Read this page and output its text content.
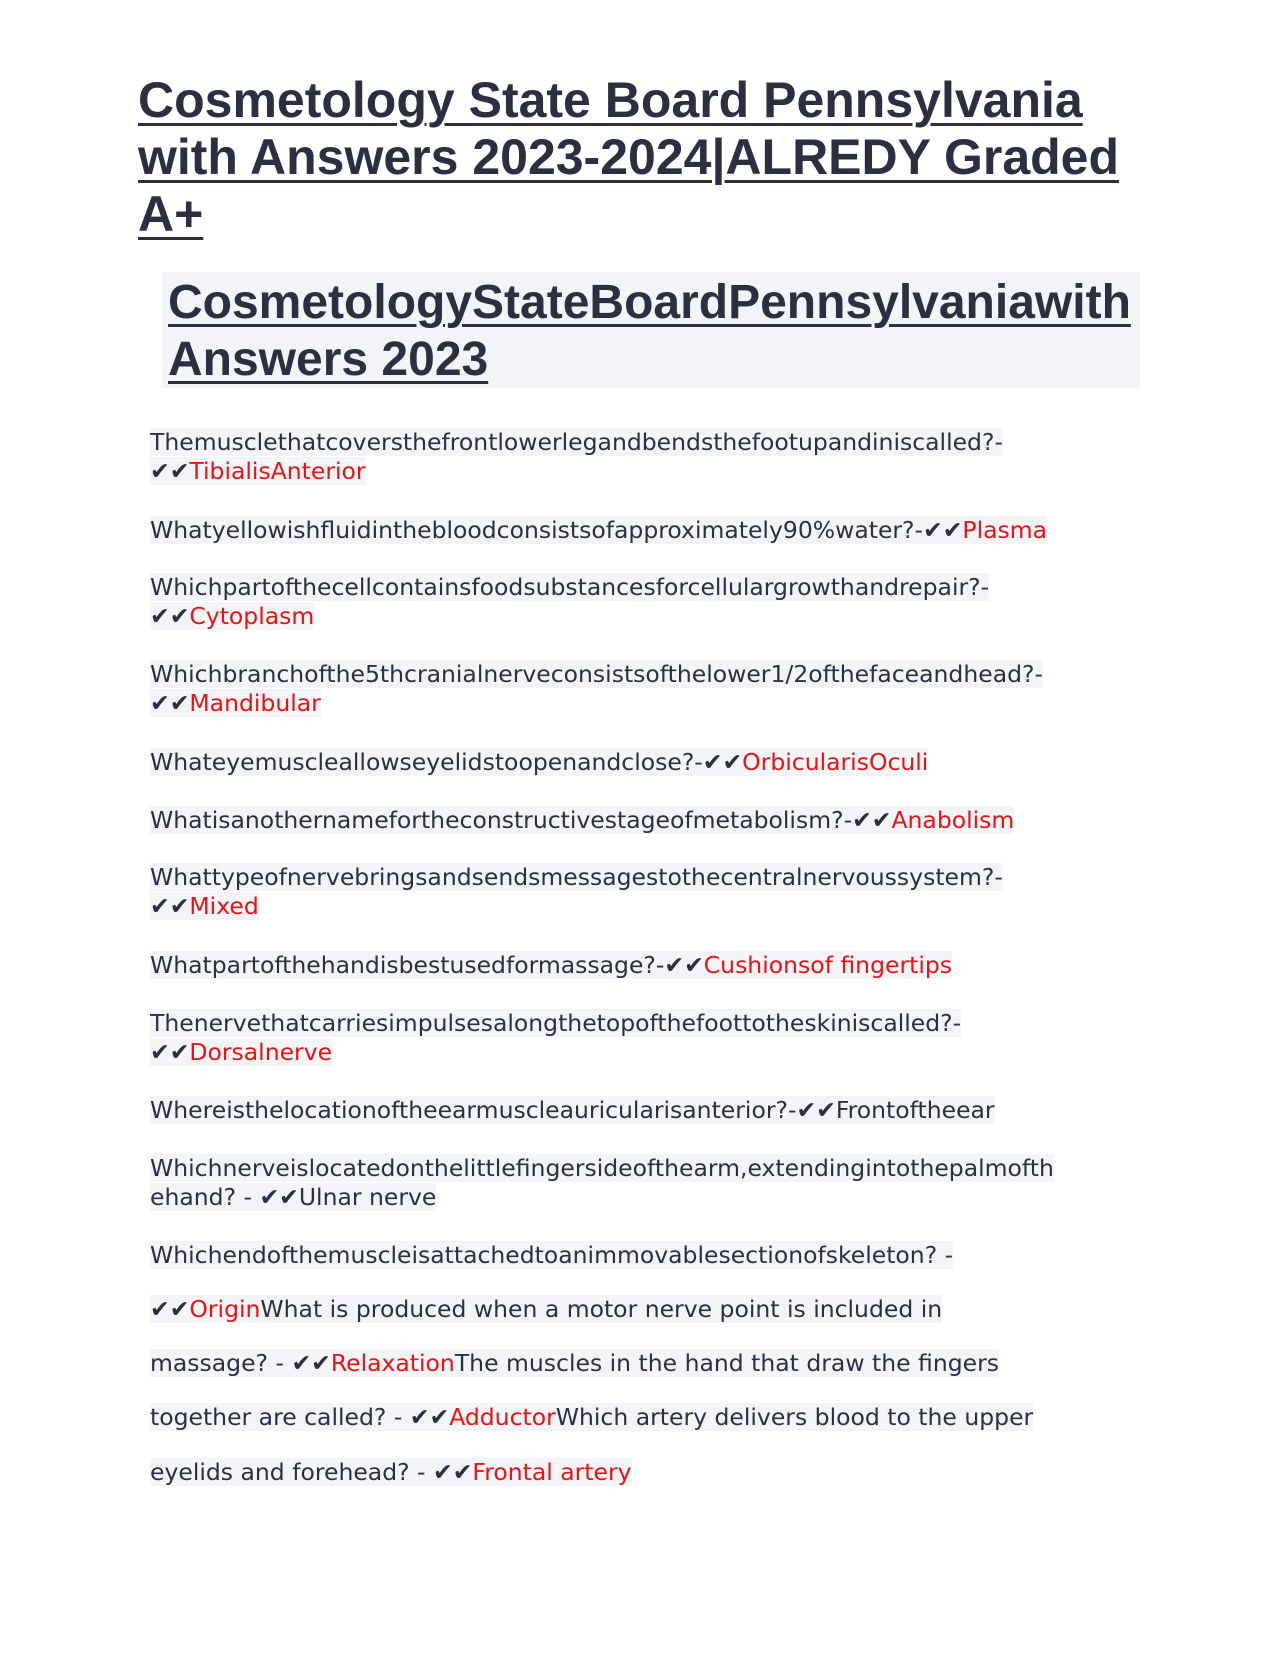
Cosmetology State Board Pennsylvania with Answers 2023-2024|ALREDY Graded A+
CosmetologyStateBoardPennsylvaniawith Answers 2023

Themusclethatcoversthefrontlowerlegandbendsthefootupandiniscalled?-
✔✔TibialisAnterior

Whatyellowishfluidinthebloodconsistsofapproximately90%water?-✔✔Plasma

Whichpartofthecellcontainsfoodsubstancesforcellulargrowthandrepair?-
✔✔Cytoplasm

Whichbranchofthe5thcranialnerveconsistsofthelower1/2ofthefaceandhead?-
✔✔Mandibular

Whateyemuscleallowseyelidstoopenandclose?-✔✔OrbicularisOculi

Whatisanothernamefortheconstructivestageofmetabolism?-✔✔Anabolism

Whattypeofnervebringsandsendsmessagestothecentralnervoussystem?-
✔✔Mixed

Whatpartofthehandisbestusedformassage?-✔✔Cushionsof fingertips

Thenervethatcarriesimpulsesalongthetopofthefoottotheskiniscalled?-
✔✔Dorsalnerve

Whereisthelocationoftheearmuscleauricularisanterior?-✔✔Frontoftheear

Whichnerveislocatedonthelittlefingersideofthearm,extendingintothepalmofth
ehand? - ✔✔Ulnar nerve

Whichendofthemuscleisattachedtoanimmovablesectionofskeleton? -

✔✔OriginWhat is produced when a motor nerve point is included in

massage? - ✔✔RelaxationThe muscles in the hand that draw the fingers

together are called? - ✔✔AdductorWhich artery delivers blood to the upper

eyelids and forehead? - ✔✔Frontal artery
